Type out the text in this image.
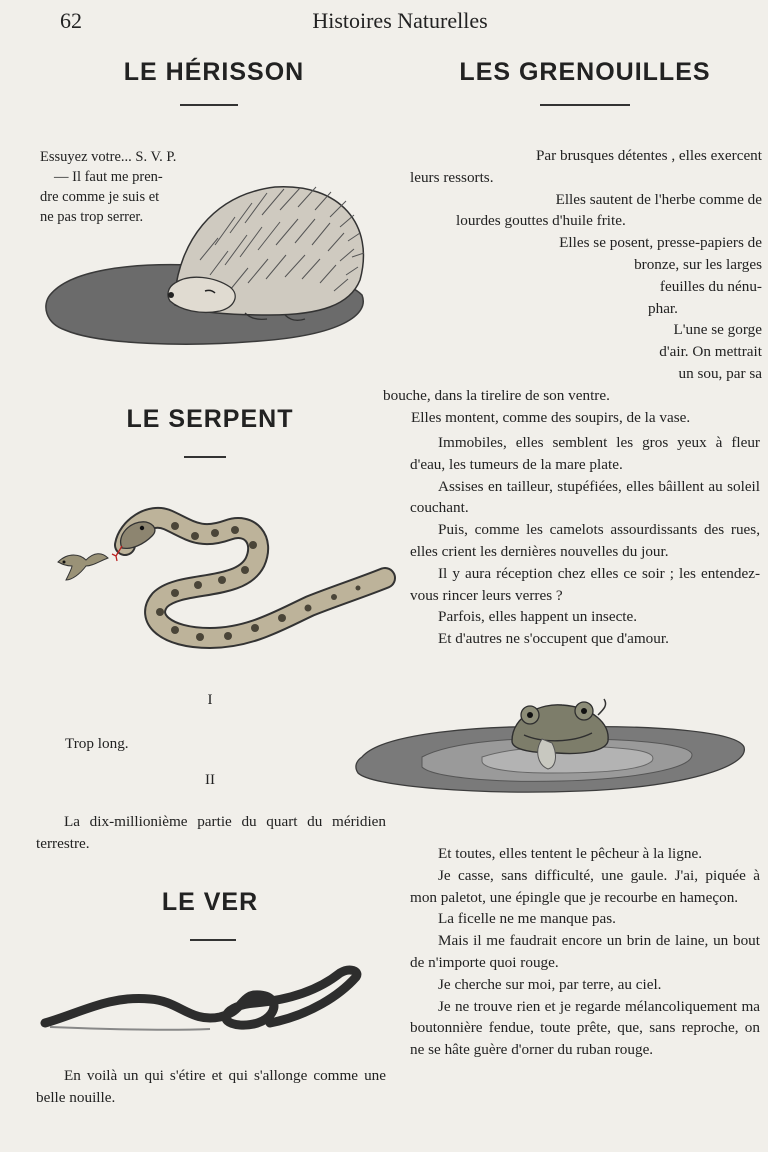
62	Histoires Naturelles
LE HÉRISSON
Essuyez votre... S. V. P.
— Il faut me pren-
dre comme je suis et
ne pas trop serrer.
LE SERPENT
I
Trop long.
II

La dix-millionième partie du quart du méridien terrestre.

LE VER

En voilà un qui s'étire et qui s'allonge comme une belle nouille.

LES GRENOUILLES
Par brusques détentes , elles exercent
leurs ressorts.
Elles sautent de l'herbe comme de
lourdes gouttes d'huile frite.
Elles se posent, presse-papiers de
bronze, sur les larges
feuilles du nénu-
phar.
L'une se gorge
d'air. On mettrait
un sou, par sa

bouche, dans la tirelire de son ventre.

Elles montent, comme des soupirs, de la vase.

Immobiles, elles semblent les gros yeux à fleur d'eau, les tumeurs de la mare plate.

Assises en tailleur, stupéfiées, elles bâillent au soleil couchant.

Puis, comme les camelots assourdissants des rues, elles crient les dernières nouvelles du jour.

Il y aura réception chez elles ce soir ; les entendez-vous rincer leurs verres ?

Parfois, elles happent un insecte.

Et d'autres ne s'occupent que d'amour.

Et toutes, elles tentent le pêcheur à la ligne.

Je casse, sans difficulté, une gaule. J'ai, piquée à mon paletot, une épingle que je recourbe en hameçon.

La ficelle ne me manque pas.

Mais il me faudrait encore un brin de laine, un bout de n'importe quoi rouge.

Je cherche sur moi, par terre, au ciel.

Je ne trouve rien et je regarde mélancoliquement ma boutonnière fendue, toute prête, que, sans reproche, on ne se hâte guère d'orner du ruban rouge.
